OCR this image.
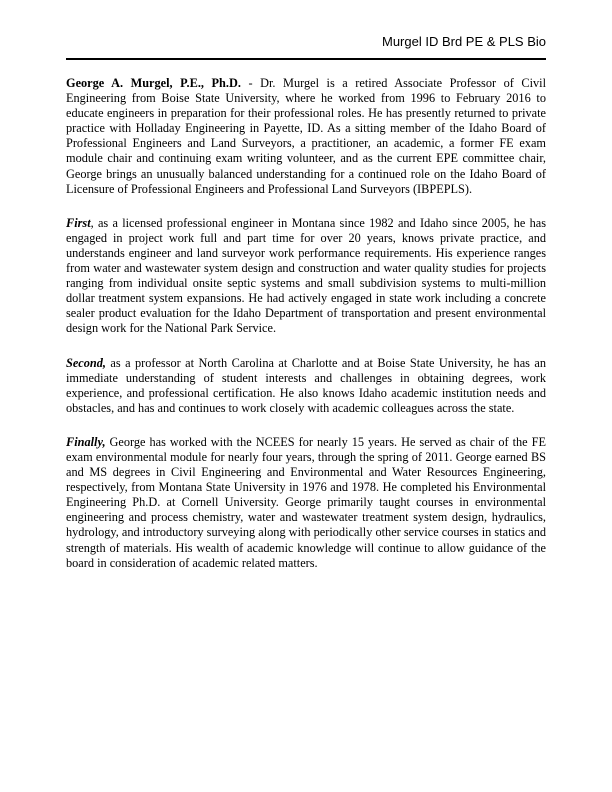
Murgel ID Brd PE & PLS Bio

George A. Murgel, P.E., Ph.D. - Dr. Murgel is a retired Associate Professor of Civil Engineering from Boise State University, where he worked from 1996 to February 2016 to educate engineers in preparation for their professional roles. He has presently returned to private practice with Holladay Engineering in Payette, ID. As a sitting member of the Idaho Board of Professional Engineers and Land Surveyors, a practitioner, an academic, a former FE exam module chair and continuing exam writing volunteer, and as the current EPE committee chair, George brings an unusually balanced understanding for a continued role on the Idaho Board of Licensure of Professional Engineers and Professional Land Surveyors (IBPEPLS).

First, as a licensed professional engineer in Montana since 1982 and Idaho since 2005, he has engaged in project work full and part time for over 20 years, knows private practice, and understands engineer and land surveyor work performance requirements. His experience ranges from water and wastewater system design and construction and water quality studies for projects ranging from individual onsite septic systems and small subdivision systems to multi-million dollar treatment system expansions. He had actively engaged in state work including a concrete sealer product evaluation for the Idaho Department of transportation and present environmental design work for the National Park Service.

Second, as a professor at North Carolina at Charlotte and at Boise State University, he has an immediate understanding of student interests and challenges in obtaining degrees, work experience, and professional certification. He also knows Idaho academic institution needs and obstacles, and has and continues to work closely with academic colleagues across the state.

Finally, George has worked with the NCEES for nearly 15 years. He served as chair of the FE exam environmental module for nearly four years, through the spring of 2011. George earned BS and MS degrees in Civil Engineering and Environmental and Water Resources Engineering, respectively, from Montana State University in 1976 and 1978. He completed his Environmental Engineering Ph.D. at Cornell University. George primarily taught courses in environmental engineering and process chemistry, water and wastewater treatment system design, hydraulics, hydrology, and introductory surveying along with periodically other service courses in statics and strength of materials. His wealth of academic knowledge will continue to allow guidance of the board in consideration of academic related matters.
